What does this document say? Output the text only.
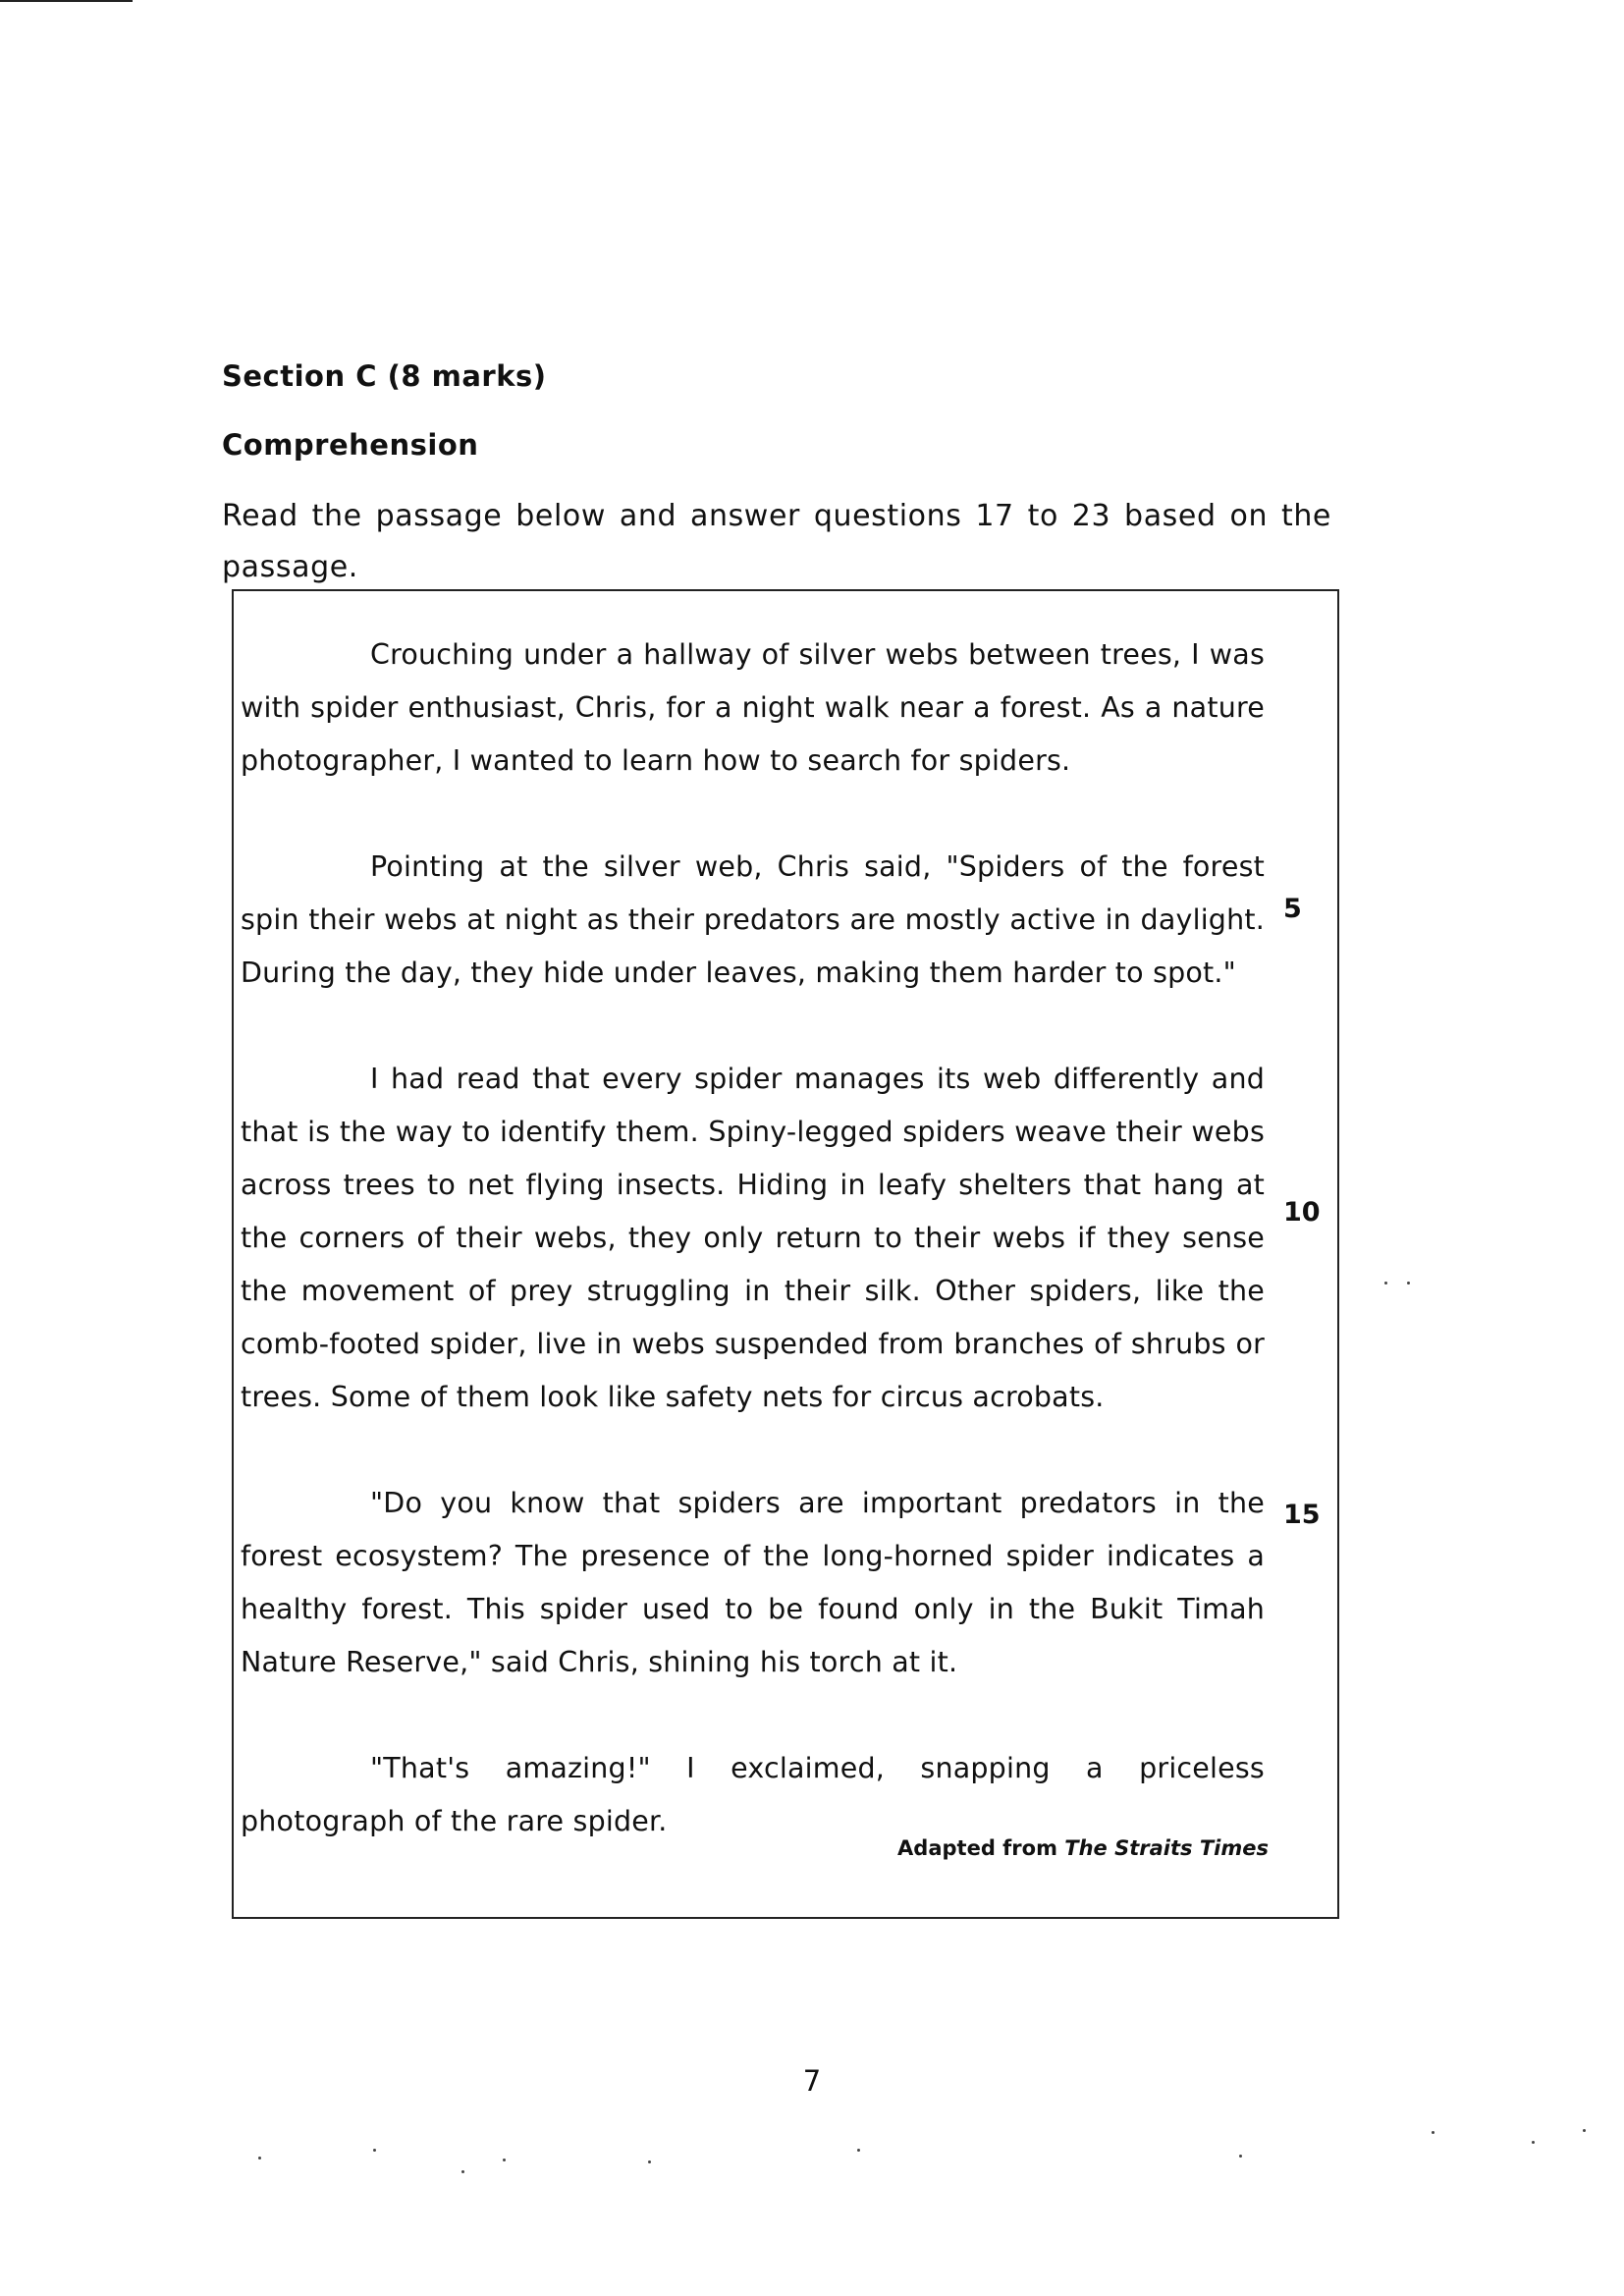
Section C (8 marks)
Comprehension
Read the passage below and answer questions 17 to 23 based on the passage.

Crouching under a hallway of silver webs between trees, I was with spider enthusiast, Chris, for a night walk near a forest. As a nature photographer, I wanted to learn how to search for spiders.

Pointing at the silver web, Chris said, "Spiders of the forest spin their webs at night as their predators are mostly active in daylight. During the day, they hide under leaves, making them harder to spot."

I had read that every spider manages its web differently and that is the way to identify them. Spiny-legged spiders weave their webs across trees to net flying insects. Hiding in leafy shelters that hang at the corners of their webs, they only return to their webs if they sense the movement of prey struggling in their silk. Other spiders, like the comb-footed spider, live in webs suspended from branches of shrubs or trees. Some of them look like safety nets for circus acrobats.

"Do you know that spiders are important predators in the forest ecosystem? The presence of the long-horned spider indicates a healthy forest. This spider used to be found only in the Bukit Timah Nature Reserve," said Chris, shining his torch at it.

"That's amazing!" I exclaimed, snapping a priceless photograph of the rare spider.

5
10
15
Adapted from The Straits Times
7
